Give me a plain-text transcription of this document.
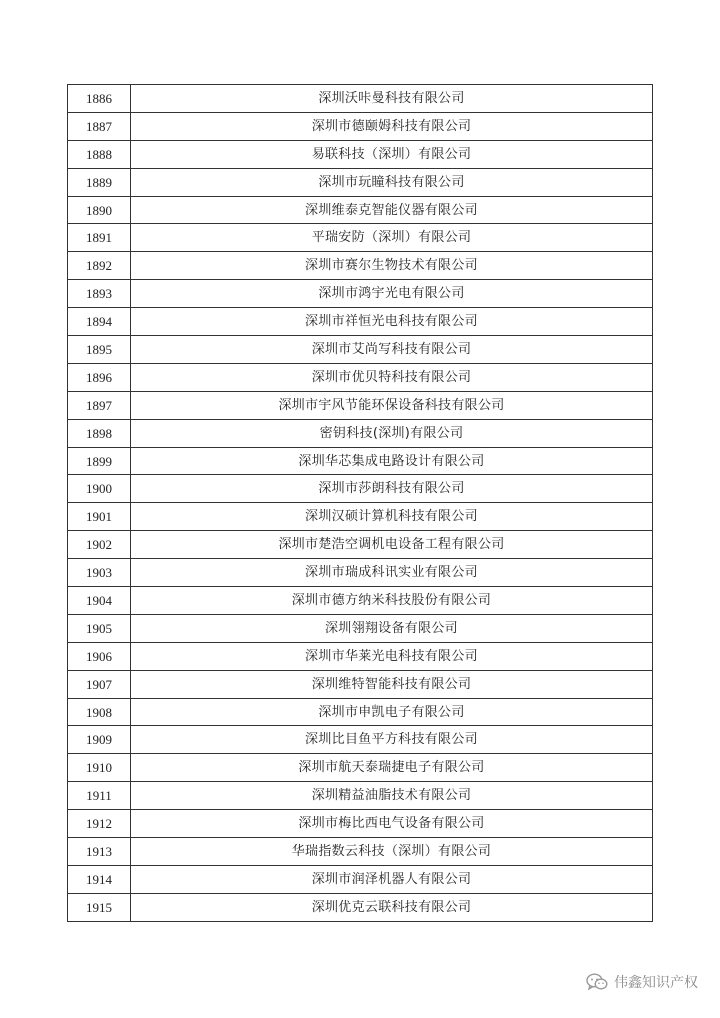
1886	深圳沃咔曼科技有限公司
1887	深圳市德颐姆科技有限公司
1888	易联科技（深圳）有限公司
1889	深圳市玩瞳科技有限公司
1890	深圳维泰克智能仪器有限公司
1891	平瑞安防（深圳）有限公司
1892	深圳市赛尔生物技术有限公司
1893	深圳市鸿宇光电有限公司
1894	深圳市祥恒光电科技有限公司
1895	深圳市艾尚写科技有限公司
1896	深圳市优贝特科技有限公司
1897	深圳市宇风节能环保设备科技有限公司
1898	密钥科技(深圳)有限公司
1899	深圳华芯集成电路设计有限公司
1900	深圳市莎朗科技有限公司
1901	深圳汉硕计算机科技有限公司
1902	深圳市楚浩空调机电设备工程有限公司
1903	深圳市瑞成科讯实业有限公司
1904	深圳市德方纳米科技股份有限公司
1905	深圳翎翔设备有限公司
1906	深圳市华莱光电科技有限公司
1907	深圳维特智能科技有限公司
1908	深圳市申凯电子有限公司
1909	深圳比目鱼平方科技有限公司
1910	深圳市航天泰瑞捷电子有限公司
1911	深圳精益油脂技术有限公司
1912	深圳市梅比西电气设备有限公司
1913	华瑞指数云科技（深圳）有限公司
1914	深圳市润泽机器人有限公司
1915	深圳优克云联科技有限公司
伟鑫知识产权
